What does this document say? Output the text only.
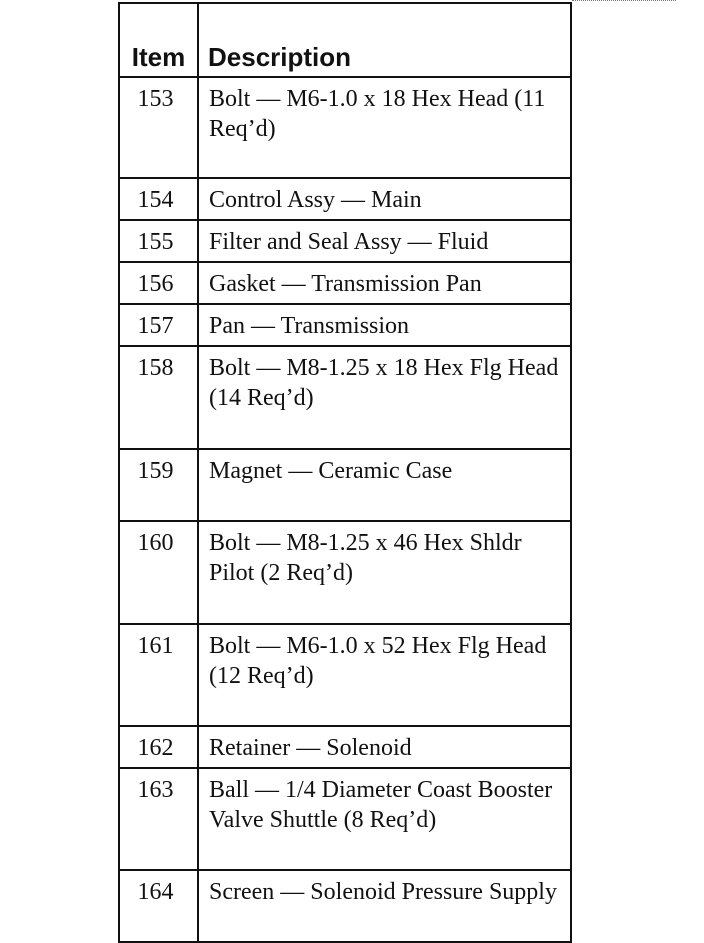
Item	Description
153	Bolt — M6-1.0 x 18 Hex Head (11 Req’d)
154	Control Assy — Main
155	Filter and Seal Assy — Fluid
156	Gasket — Transmission Pan
157	Pan — Transmission
158	Bolt — M8-1.25 x 18 Hex Flg Head (14 Req’d)
159	Magnet — Ceramic Case
160	Bolt — M8-1.25 x 46 Hex Shldr Pilot (2 Req’d)
161	Bolt — M6-1.0 x 52 Hex Flg Head (12 Req’d)
162	Retainer — Solenoid
163	Ball — 1/4 Diameter Coast Booster Valve Shuttle (8 Req’d)
164	Screen — Solenoid Pressure Supply
